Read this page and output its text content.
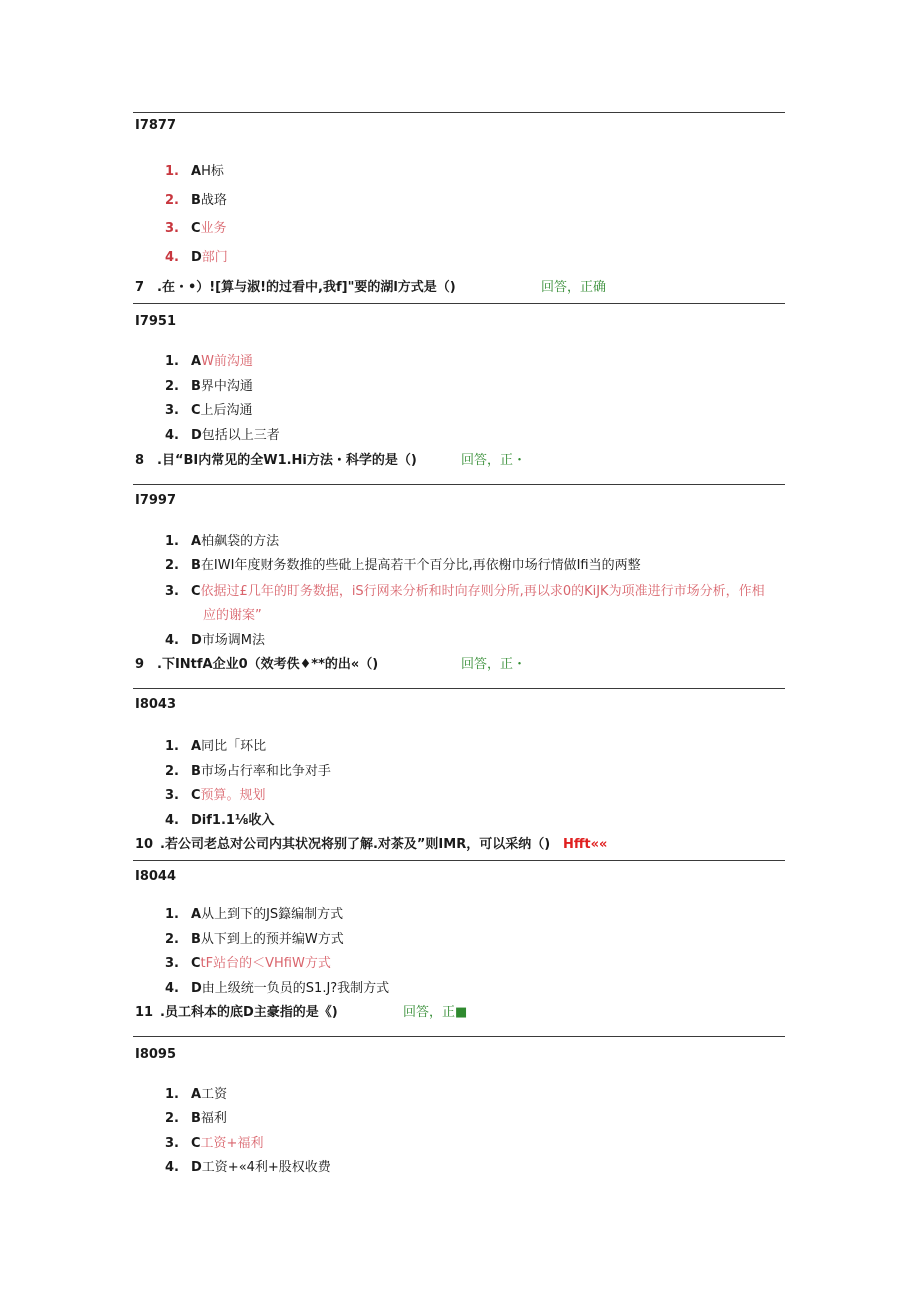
I7877
1. A H标
2. B 战珞
3. C 业务
4. D 部门
7 .在・•）![算与淑!的过看中,我f]"要的湖l方式是（)	回答，正确
I7951
1. A W前沟通
2. B 界中沟通
3. C 上后沟通
4. D 包括以上三者
8 .目“BI内常见的全W1.Hi方法・科学的是（)	回答，正・
I7997
1. A 柏飙袋的方法
2. B 在IWI年度财务数推的些砒上提高若干个百分比,再依榭巾场行情做Ifi当的两整
3. C 依据过£几年的盯务数据，iS行网来分析和时向存则分所,再以求0的KiJK为项准进行市场分析，作相
应的谢案”
4. D 市场调M法
9 .下INtfA企业0（效考佚♦**的出«（)	回答，正・
I8043
1. A 同比「环比
2. B 市场占行率和比争对手
3. C 预算。规划
4. D if1.1⅛收入
10 .若公司老总对公司内其状况将别了解.对茶及”则IMR，可以采纳（) Hfft««
I8044
1. A 从上到下的JS籙编制方式
2. B 从下到上的预并编W方式
3. C tF站台的＜VHfiW方式
4. D 由上级统一负员的S1.J?我制方式
11 .员工科本的底D主豪指的是《)	回答，正■
I8095
1. A 工资
2. B 福利
3. C 工资+福利
4. D 工资+«4利+股权收费
